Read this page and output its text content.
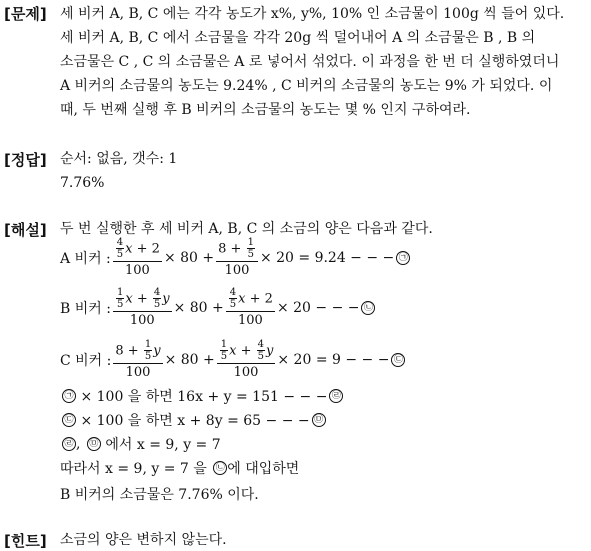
[문제] 세 비커 A, B, C 에는 각각 농도가 x%, y%, 10% 인 소금물이 100g 씩 들어 있다.
세 비커 A, B, C 에서 소금물을 각각 20g 씩 덜어내어 A 의 소금물은 B , B 의
소금물은 C , C 의 소금물은 A 로 넣어서 섞었다. 이 과정을 한 번 더 실행하였더니
A 비커의 소금물의 농도는 9.24% , C 비커의 소금물의 농도는 9% 가 되었다. 이
때, 두 번째 실행 후 B 비커의 소금물의 농도는 몇 % 인지 구하여라.
[정답] 순서: 없음, 갯수: 1
7.76%
[해설] 두 번 실행한 후 세 비커 A, B, C 의 소금의 양은 다음과 같다.
A 비커 : $\frac{\frac{4}{5} x + 2}{100} \times 80 + \frac{8 + \frac{1}{5}}{100} \times 20 = 9.24$ − − − ㉠
B 비커 : $\frac{\frac{1}{5} x + \frac{4}{5} y}{100} \times 80 + \frac{\frac{4}{5} x + 2}{100} \times 20$ − − − ㉡
C 비커 : $\frac{8 + \frac{1}{5} y}{100} \times 80 + \frac{\frac{1}{5} x + \frac{4}{5} y}{100} \times 20 = 9$ − − − ㉢
㉠
× 100 을 하면 16x + y = 151 − − − ㉣
㉢
× 100 을 하면 x + 8y = 65 − − − ㉤
㉣ , ㉤
에서 x = 9, y = 7
따라서 x = 9, y = 7 을
㉡ 에 대입하면
B 비커의 소금물은 7.76% 이다.
[힌트] 소금의 양은 변하지 않는다.
